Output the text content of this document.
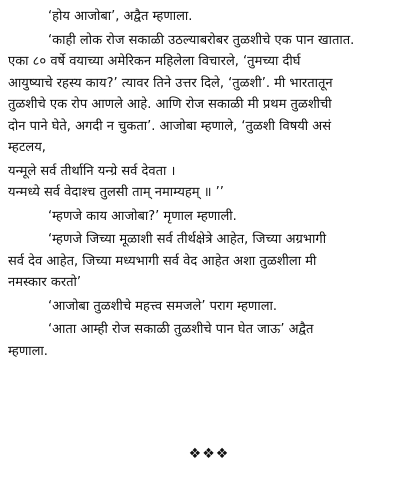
‘होय आजोबा’, अद्वैत म्हणाला.

‘काही लोक रोज सकाळी उठल्याबरोबर तुळशीचे एक पान खातात.
एका ८० वर्षे वयाच्या अमेरिकन महिलेला विचारले, ‘तुमच्या दीर्घ
आयुष्याचे रहस्य काय?’ त्यावर तिने उत्तर दिले, ‘तुळशी’. मी भारतातून
तुळशीचे एक रोप आणले आहे. आणि रोज सकाळी मी प्रथम तुळशीची
दोन पाने घेते, अगदी न चुकता’. आजोबा म्हणाले, ‘तुळशी विषयी असं
म्हटलय,

यन्मूले सर्व तीर्थानि यन्ग्रे सर्व देवता ।
यन्मध्ये सर्व वेदाश्च तुलसी ताम् नमाम्यहम् ॥ ’’

‘म्हणजे काय आजोबा?’ मृणाल म्हणाली.

‘म्हणजे जिच्या मूळाशी सर्व तीर्थक्षेत्रे आहेत, जिच्या अग्रभागी
सर्व देव आहेत, जिच्या मध्यभागी सर्व वेद आहेत अशा तुळशीला मी
नमस्कार करतो’

‘आजोबा तुळशीचे महत्त्व समजले’ पराग म्हणाला.

‘आता आम्ही रोज सकाळी तुळशीचे पान घेत जाऊ’ अद्वैत
म्हणाला.

❖❖❖
